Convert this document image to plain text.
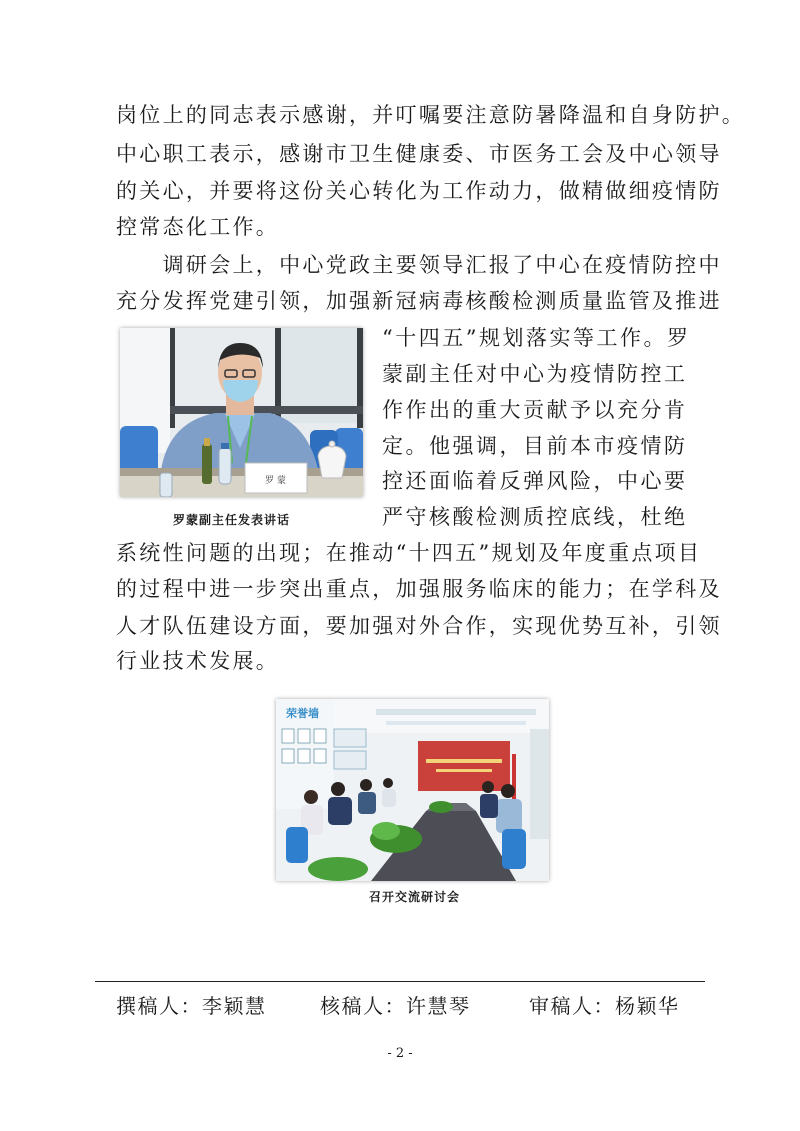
岗位上的同志表示感谢，并叮嘱要注意防暑降温和自身防护。
中心职工表示，感谢市卫生健康委、市医务工会及中心领导
的关心，并要将这份关心转化为工作动力，做精做细疫情防
控常态化工作。
　　调研会上，中心党政主要领导汇报了中心在疫情防控中
充分发挥党建引领，加强新冠病毒核酸检测质量监管及推进
“十四五”规划落实等工作。罗
蒙副主任对中心为疫情防控工
作作出的重大贡献予以充分肯
定。他强调，目前本市疫情防
控还面临着反弹风险，中心要
严守核酸检测质控底线，杜绝
系统性问题的出现；在推动“十四五”规划及年度重点项目
的过程中进一步突出重点，加强服务临床的能力；在学科及
人才队伍建设方面，要加强对外合作，实现优势互补，引领
行业技术发展。
罗 蒙
罗蒙副主任发表讲话
荣誉墙
召开交流研讨会
撰稿人：李颖慧	核稿人：许慧琴	审稿人：杨颖华
- 2 -
